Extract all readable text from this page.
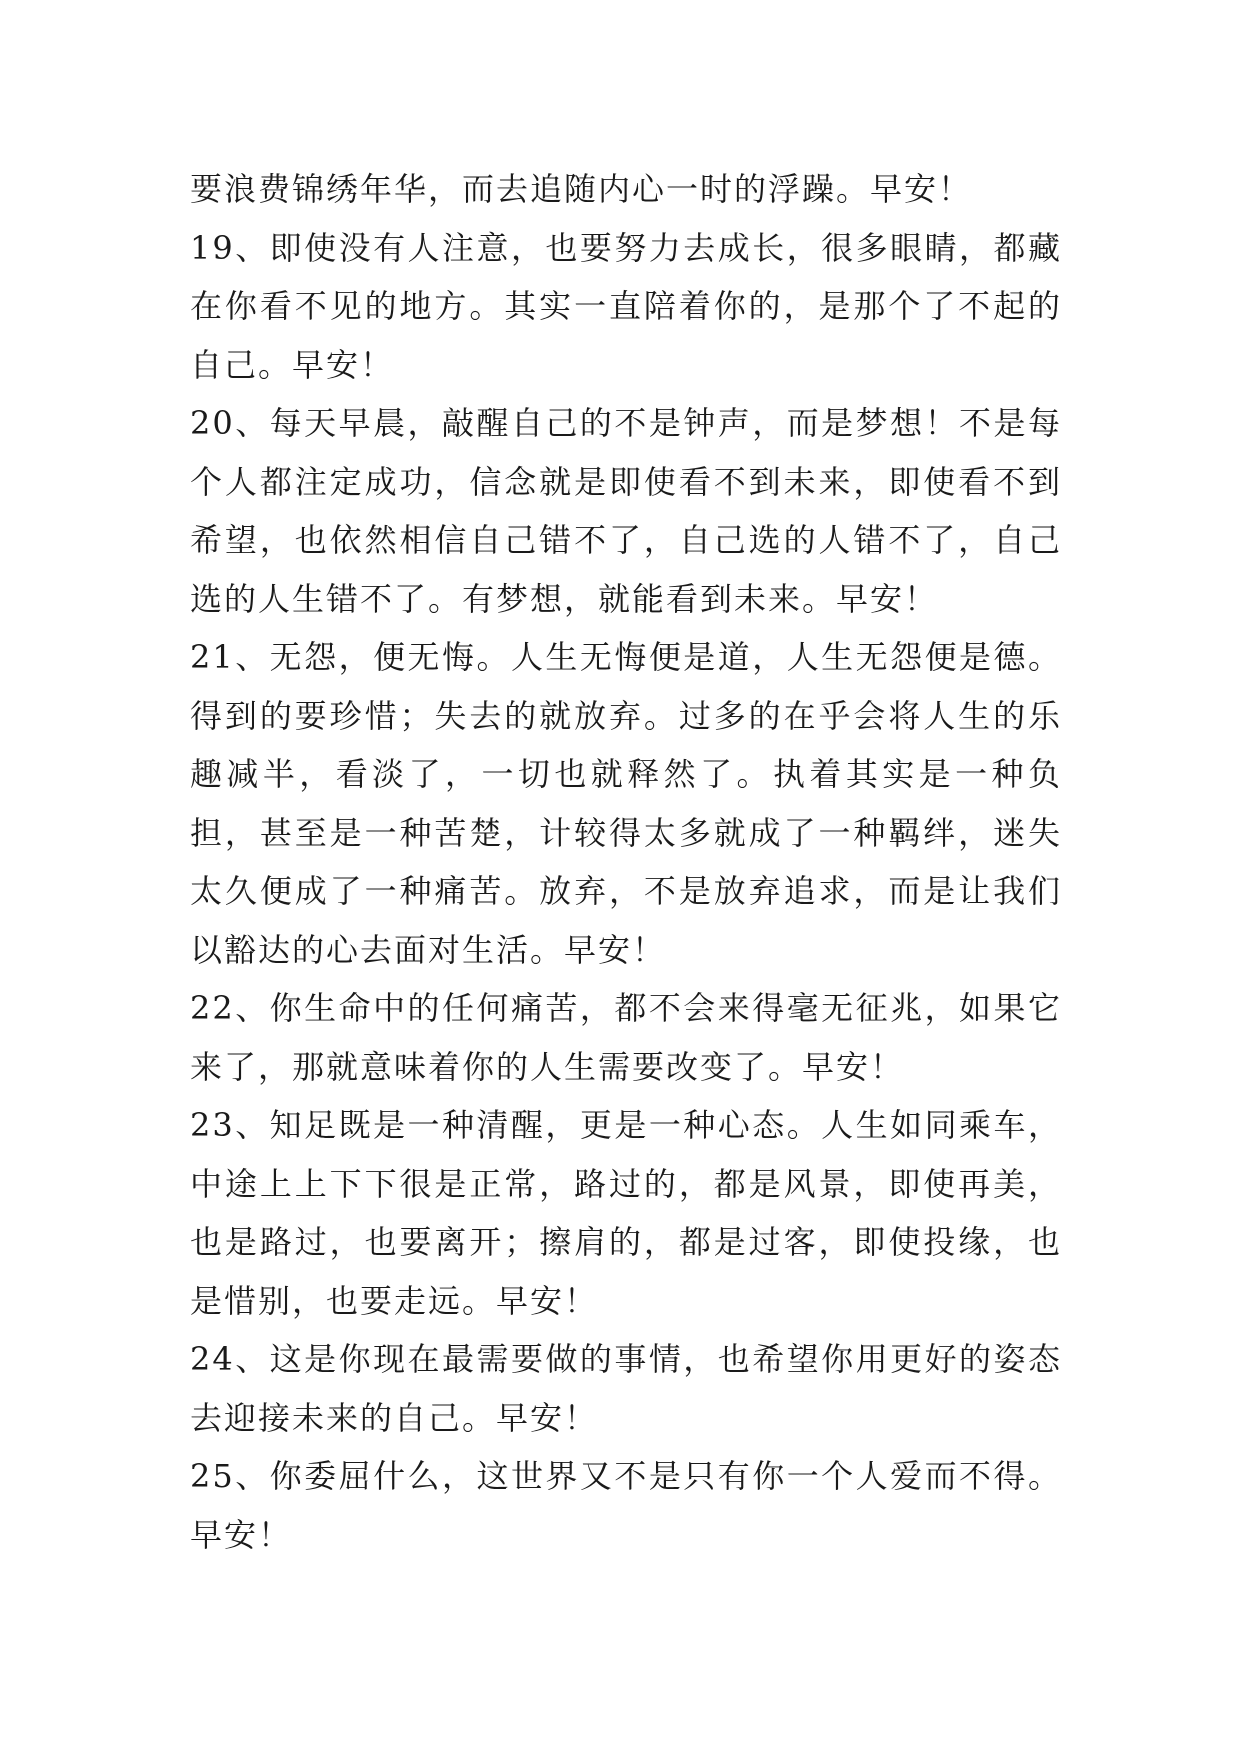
要浪费锦绣年华，而去追随内心一时的浮躁。早安！

19、即使没有人注意，也要努力去成长，很多眼睛，都藏在你看不见的地方。其实一直陪着你的，是那个了不起的自己。早安！

20、每天早晨，敲醒自己的不是钟声，而是梦想！不是每个人都注定成功，信念就是即使看不到未来，即使看不到希望，也依然相信自己错不了，自己选的人错不了，自己选的人生错不了。有梦想，就能看到未来。早安！

21、无怨，便无悔。人生无悔便是道，人生无怨便是德。得到的要珍惜；失去的就放弃。过多的在乎会将人生的乐趣减半，看淡了，一切也就释然了。执着其实是一种负担，甚至是一种苦楚，计较得太多就成了一种羁绊，迷失太久便成了一种痛苦。放弃，不是放弃追求，而是让我们以豁达的心去面对生活。早安！

22、你生命中的任何痛苦，都不会来得毫无征兆，如果它来了，那就意味着你的人生需要改变了。早安！

23、知足既是一种清醒，更是一种心态。人生如同乘车，中途上上下下很是正常，路过的，都是风景，即使再美，也是路过，也要离开；擦肩的，都是过客，即使投缘，也是惜别，也要走远。早安！

24、这是你现在最需要做的事情，也希望你用更好的姿态去迎接未来的自己。早安！

25、你委屈什么，这世界又不是只有你一个人爱而不得。早安！
